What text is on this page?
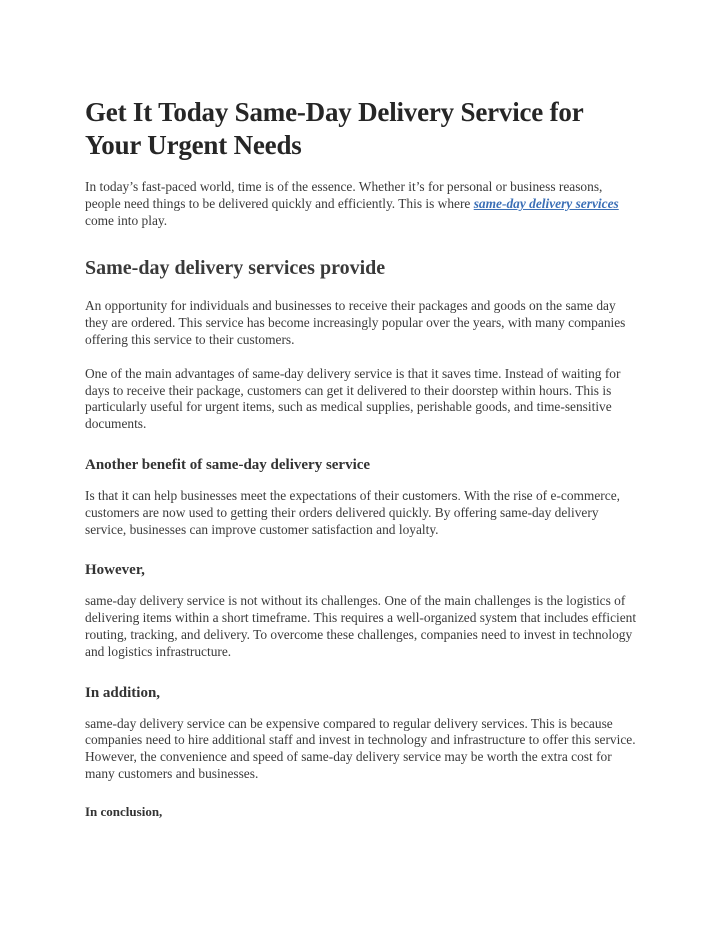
Get It Today Same-Day Delivery Service for Your Urgent Needs

In today’s fast-paced world, time is of the essence. Whether it’s for personal or business reasons, people need things to be delivered quickly and efficiently. This is where same-day delivery services come into play.

Same-day delivery services provide

An opportunity for individuals and businesses to receive their packages and goods on the same day they are ordered. This service has become increasingly popular over the years, with many companies offering this service to their customers.

One of the main advantages of same-day delivery service is that it saves time. Instead of waiting for days to receive their package, customers can get it delivered to their doorstep within hours. This is particularly useful for urgent items, such as medical supplies, perishable goods, and time-sensitive documents.

Another benefit of same-day delivery service

Is that it can help businesses meet the expectations of their customers. With the rise of e-commerce, customers are now used to getting their orders delivered quickly. By offering same-day delivery service, businesses can improve customer satisfaction and loyalty.

However,

same-day delivery service is not without its challenges. One of the main challenges is the logistics of delivering items within a short timeframe. This requires a well-organized system that includes efficient routing, tracking, and delivery. To overcome these challenges, companies need to invest in technology and logistics infrastructure.

In addition,

same-day delivery service can be expensive compared to regular delivery services. This is because companies need to hire additional staff and invest in technology and infrastructure to offer this service. However, the convenience and speed of same-day delivery service may be worth the extra cost for many customers and businesses.

In conclusion,
